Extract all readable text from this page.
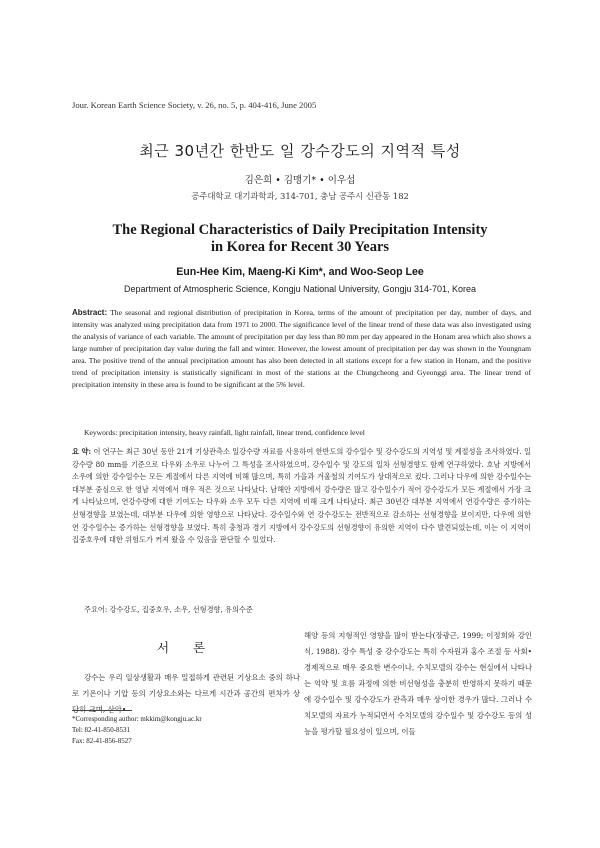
Jour. Korean Earth Science Society, v. 26, no. 5, p. 404-416, June 2005
최근 30년간 한반도 일 강수강도의 지역적 특성
김은희 • 김맹기* • 이우섭
공주대학교 대기과학과, 314-701, 충남 공주시 신관동 182
The Regional Characteristics of Daily Precipitation Intensity
in Korea for Recent 30 Years
Eun-Hee Kim, Maeng-Ki Kim*, and Woo-Seop Lee
Department of Atmospheric Science, Kongju National University, Gongju 314-701, Korea
Abstract: The seasonal and regional distribution of precipitation in Korea, terms of the amount of precipitation per day, number of days, and intensity was analyzed using precipitation data from 1971 to 2000. The significance level of the linear trend of these data was also investigated using the analysis of variance of each variable. The amount of precipitation per day less than 80 mm per day appeared in the Honam area which also shows a large number of precipitation day value during the fall and winter. However, the lowest amount of precipitation per day was shown in the Youngnam area. The positive trend of the annual precipitation amount has also been detected in all stations except for a few station in Honam, and the positive trend of precipitation intensity is statistically significant in most of the stations at the Chungcheong and Gyeonggi area. The linear trend of precipitation intensity in these area is found to be significant at the 5% level.
Keywords: precipitation intensity, heavy rainfall, light rainfall, linear trend, confidence level
요 약: 이 연구는 최근 30년 동안 21개 기상관측소 일강수량 자료를 사용하여 한반도의 강수일수 및 강수강도의 지역성 및 계절성을 조사하였다. 일강수량 80 mm를 기준으로 다우와 소우로 나누어 그 특성을 조사하였으며, 강수일수 및 강도의 일차 선형경향도 함께 연구하였다. 호남 지방에서 소우에 의한 강수일수는 모든 계절에서 다른 지역에 비해 많으며, 특히 가을과 겨울철의 기여도가 상대적으로 컸다. 그러나 다우에 의한 강수일수는 대부분 중심으로 한 영남 지역에서 매우 적은 것으로 나타났다. 남해안 지방에서 강수량은 많고 강수일수가 적어 강수강도가 모든 계절에서 가장 크게 나타났으며, 연강수량에 대한 기여도는 다우와 소우 모두 다른 지역에 비해 크게 나타났다. 최근 30년간 대부분 지역에서 연강수량은 증가하는 선형경향을 보였는데, 대부분 다우에 의한 영향으로 나타났다. 강수일수와 연 강수강도는 전반적으로 감소하는 선형경향을 보이지만, 다우에 의한 연 강수일수는 증가하는 선형경향을 보였다. 특히 충청과 경기 지방에서 강수강도의 선형경향이 유의한 지역이 다수 발견되었는데, 이는 이 지역이 집중호우에 대한 위험도가 커져 왔을 수 있음을 판단할 수 있었다.
주요어: 강수강도, 집중호우, 소우, 선형경향, 유의수준
서 론

강수는 우리 일상생활과 매우 밀접하게 관련된 기상요소 중의 하나로 기온이나 기압 등의 기상요소와는 다르게 시간과 공간의 편차가 상당히 크며, 산악•

해양 등의 지형적인 영향을 많이 받는다(장광근, 1999; 이정희와 강인식, 1988). 강수 특성 중 강수강도는 특히 수자원과 홍수 조절 등 사회•경제적으로 매우 중요한 변수이나, 수치모델의 강수는 현실에서 나타나는 억약 및 흐름 과정에 의한 비선형성을 충분히 반영하지 못하기 때문에 강수일수 및 강수강도가 관측과 매우 상이한 경우가 많다. 그러나 수치모델의 자료가 누적되면서 수치모델의 강수일수 및 강수강도 등의 성능을 평가할 필요성이 있으며, 이들

*Corresponding author: mkkim@kongju.ac.kr
Tel: 82-41-850-8531
Fax: 82-41-856-8527
